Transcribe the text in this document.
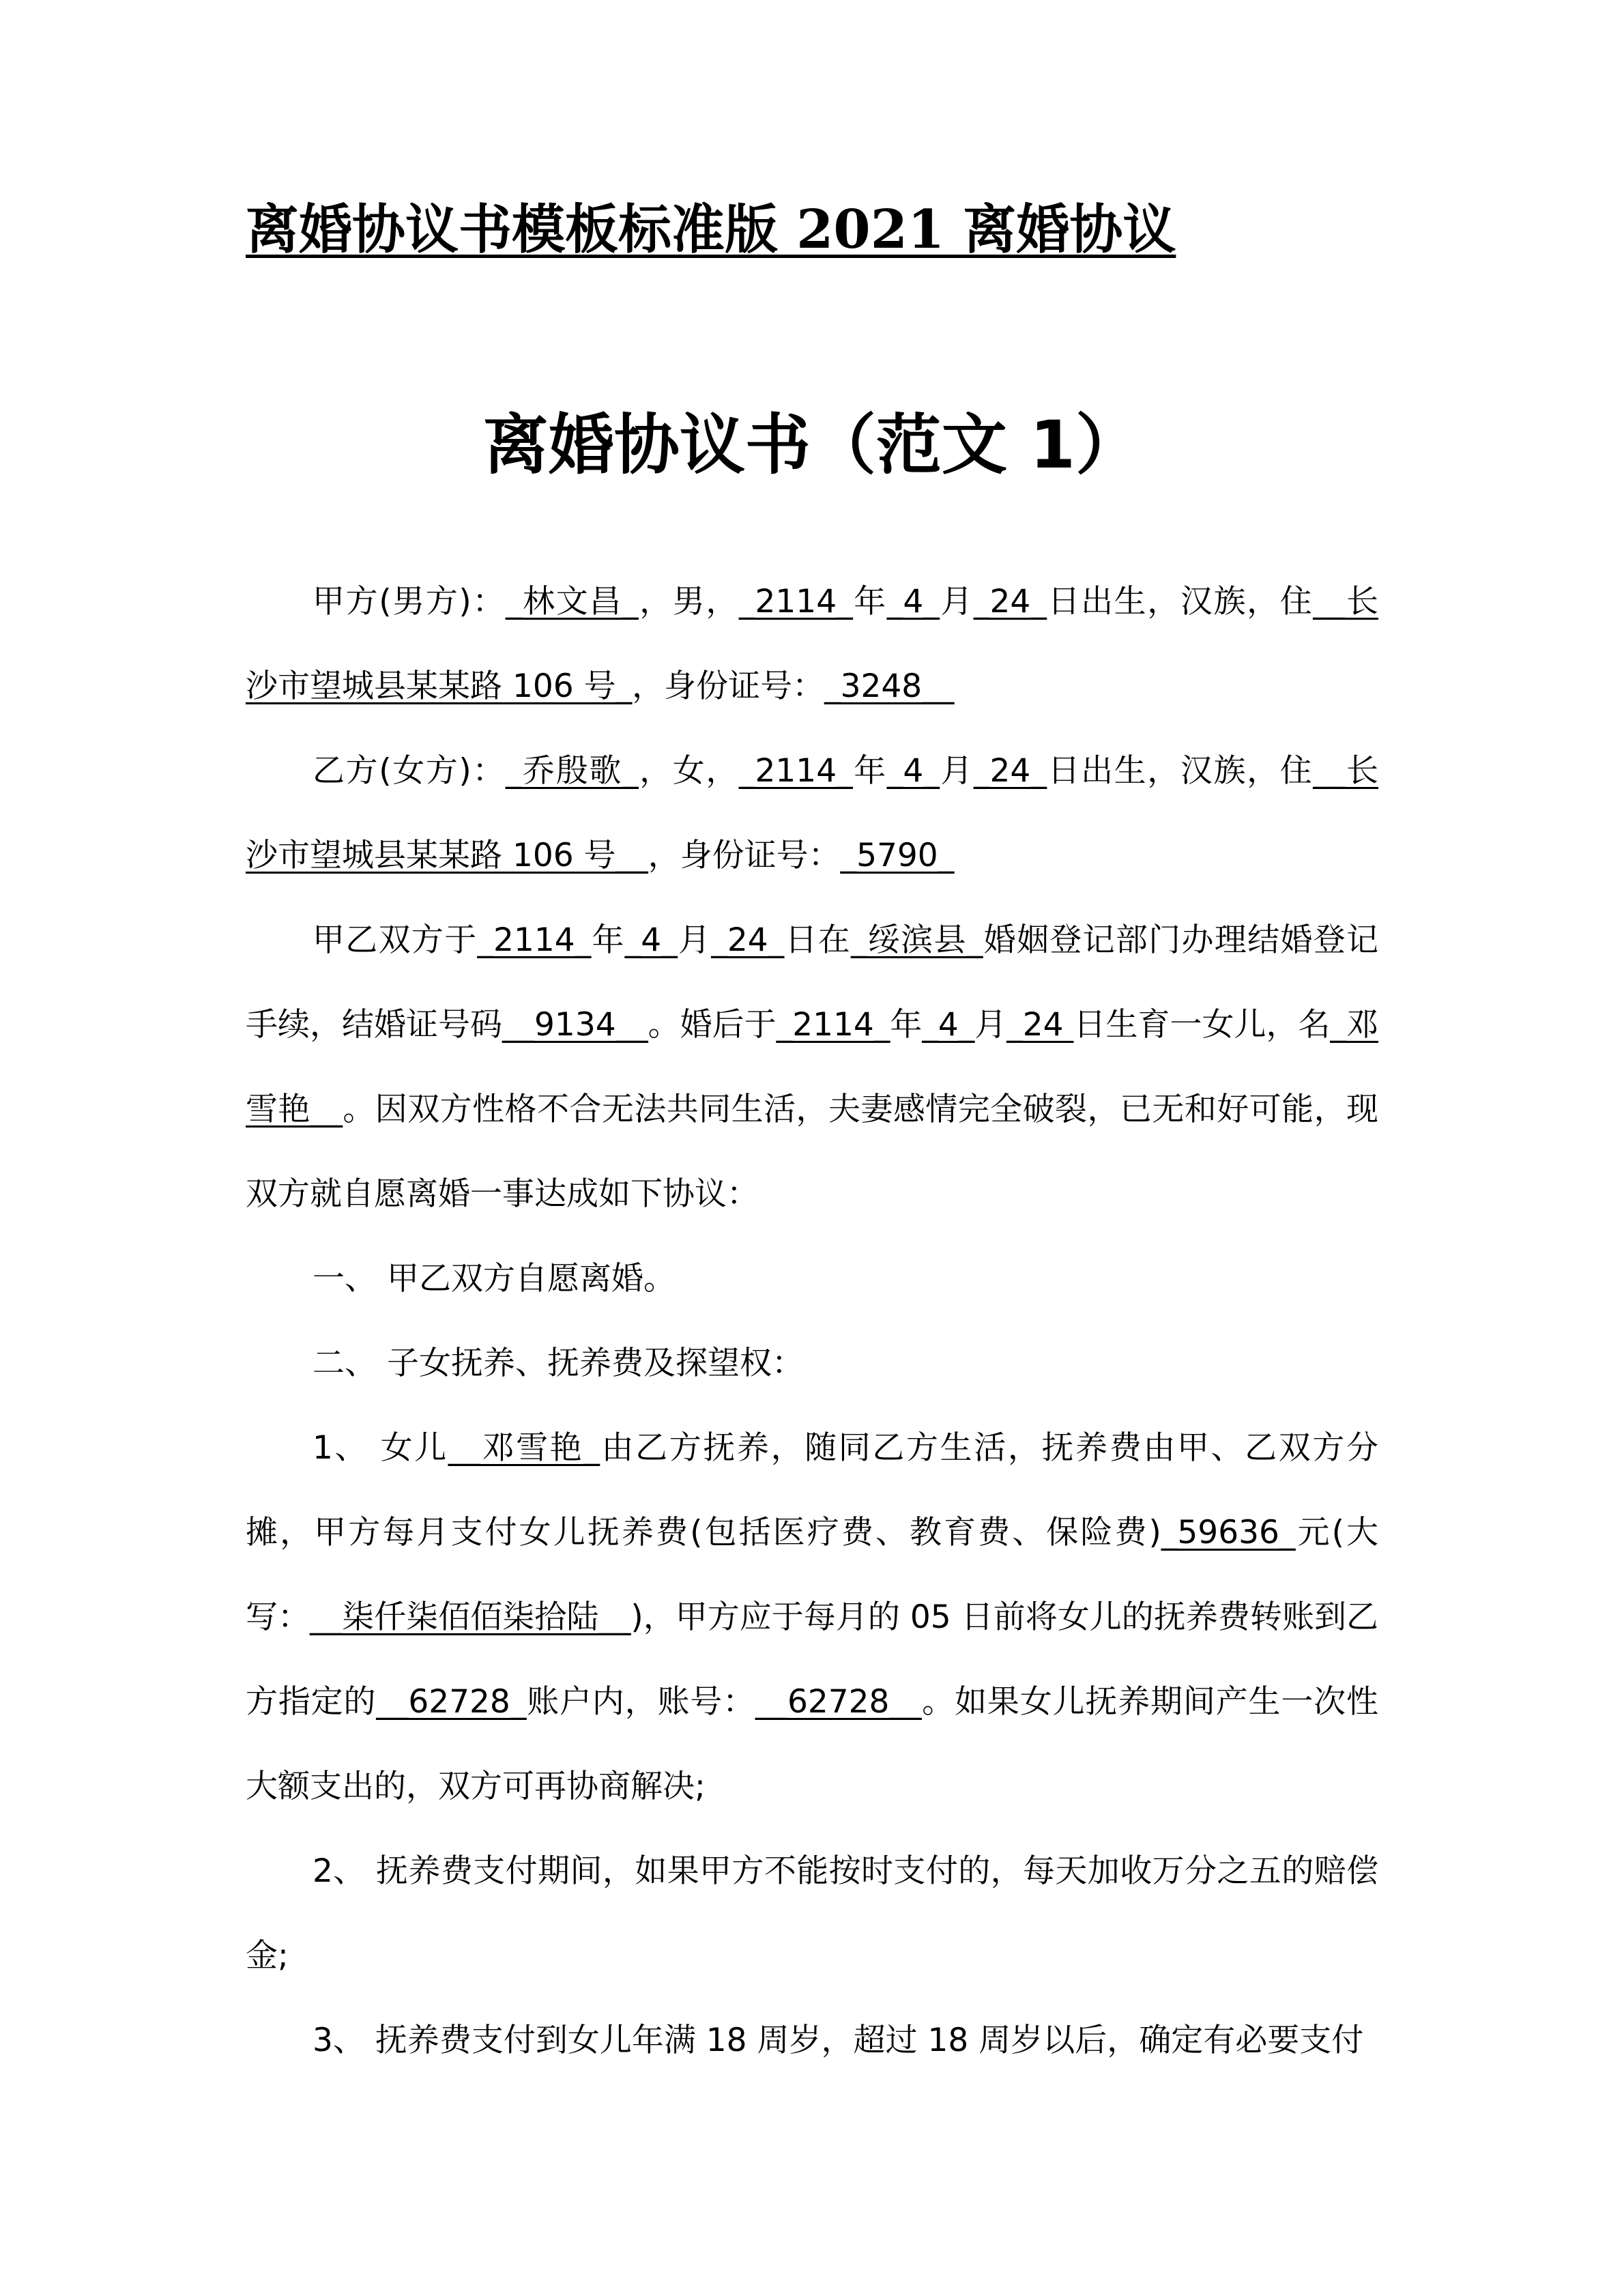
离婚协议书模板标准版 2021 离婚协议
离婚协议书（范文 1）

甲方(男方)：_林文昌_，男，_2114_年_4_月_24_日出生，汉族，住__长沙市望城县某某路 106 号_，身份证号：_3248__

乙方(女方)：_乔殷歌_，女，_2114_年_4_月_24_日出生，汉族，住__长沙市望城县某某路 106 号__，身份证号：_5790_

甲乙双方于_2114_年_4_月_24_日在_绥滨县_婚姻登记部门办理结婚登记手续，结婚证号码__9134__。婚后于_2114_年_4_月_24 日生育一女儿，名_邓雪艳__。因双方性格不合无法共同生活，夫妻感情完全破裂，已无和好可能，现双方就自愿离婚一事达成如下协议：

一、 甲乙双方自愿离婚。

二、 子女抚养、抚养费及探望权：

1、 女儿__邓雪艳_由乙方抚养，随同乙方生活，抚养费由甲、乙双方分摊，甲方每月支付女儿抚养费(包括医疗费、教育费、保险费)_59636_元(大写：__柒仟柒佰佰柒拾陆__)，甲方应于每月的 05 日前将女儿的抚养费转账到乙方指定的__62728_账户内，账号：__62728__。如果女儿抚养期间产生一次性大额支出的，双方可再协商解决;

2、 抚养费支付期间，如果甲方不能按时支付的，每天加收万分之五的赔偿金;

3、 抚养费支付到女儿年满 18 周岁，超过 18 周岁以后，确定有必要支付
